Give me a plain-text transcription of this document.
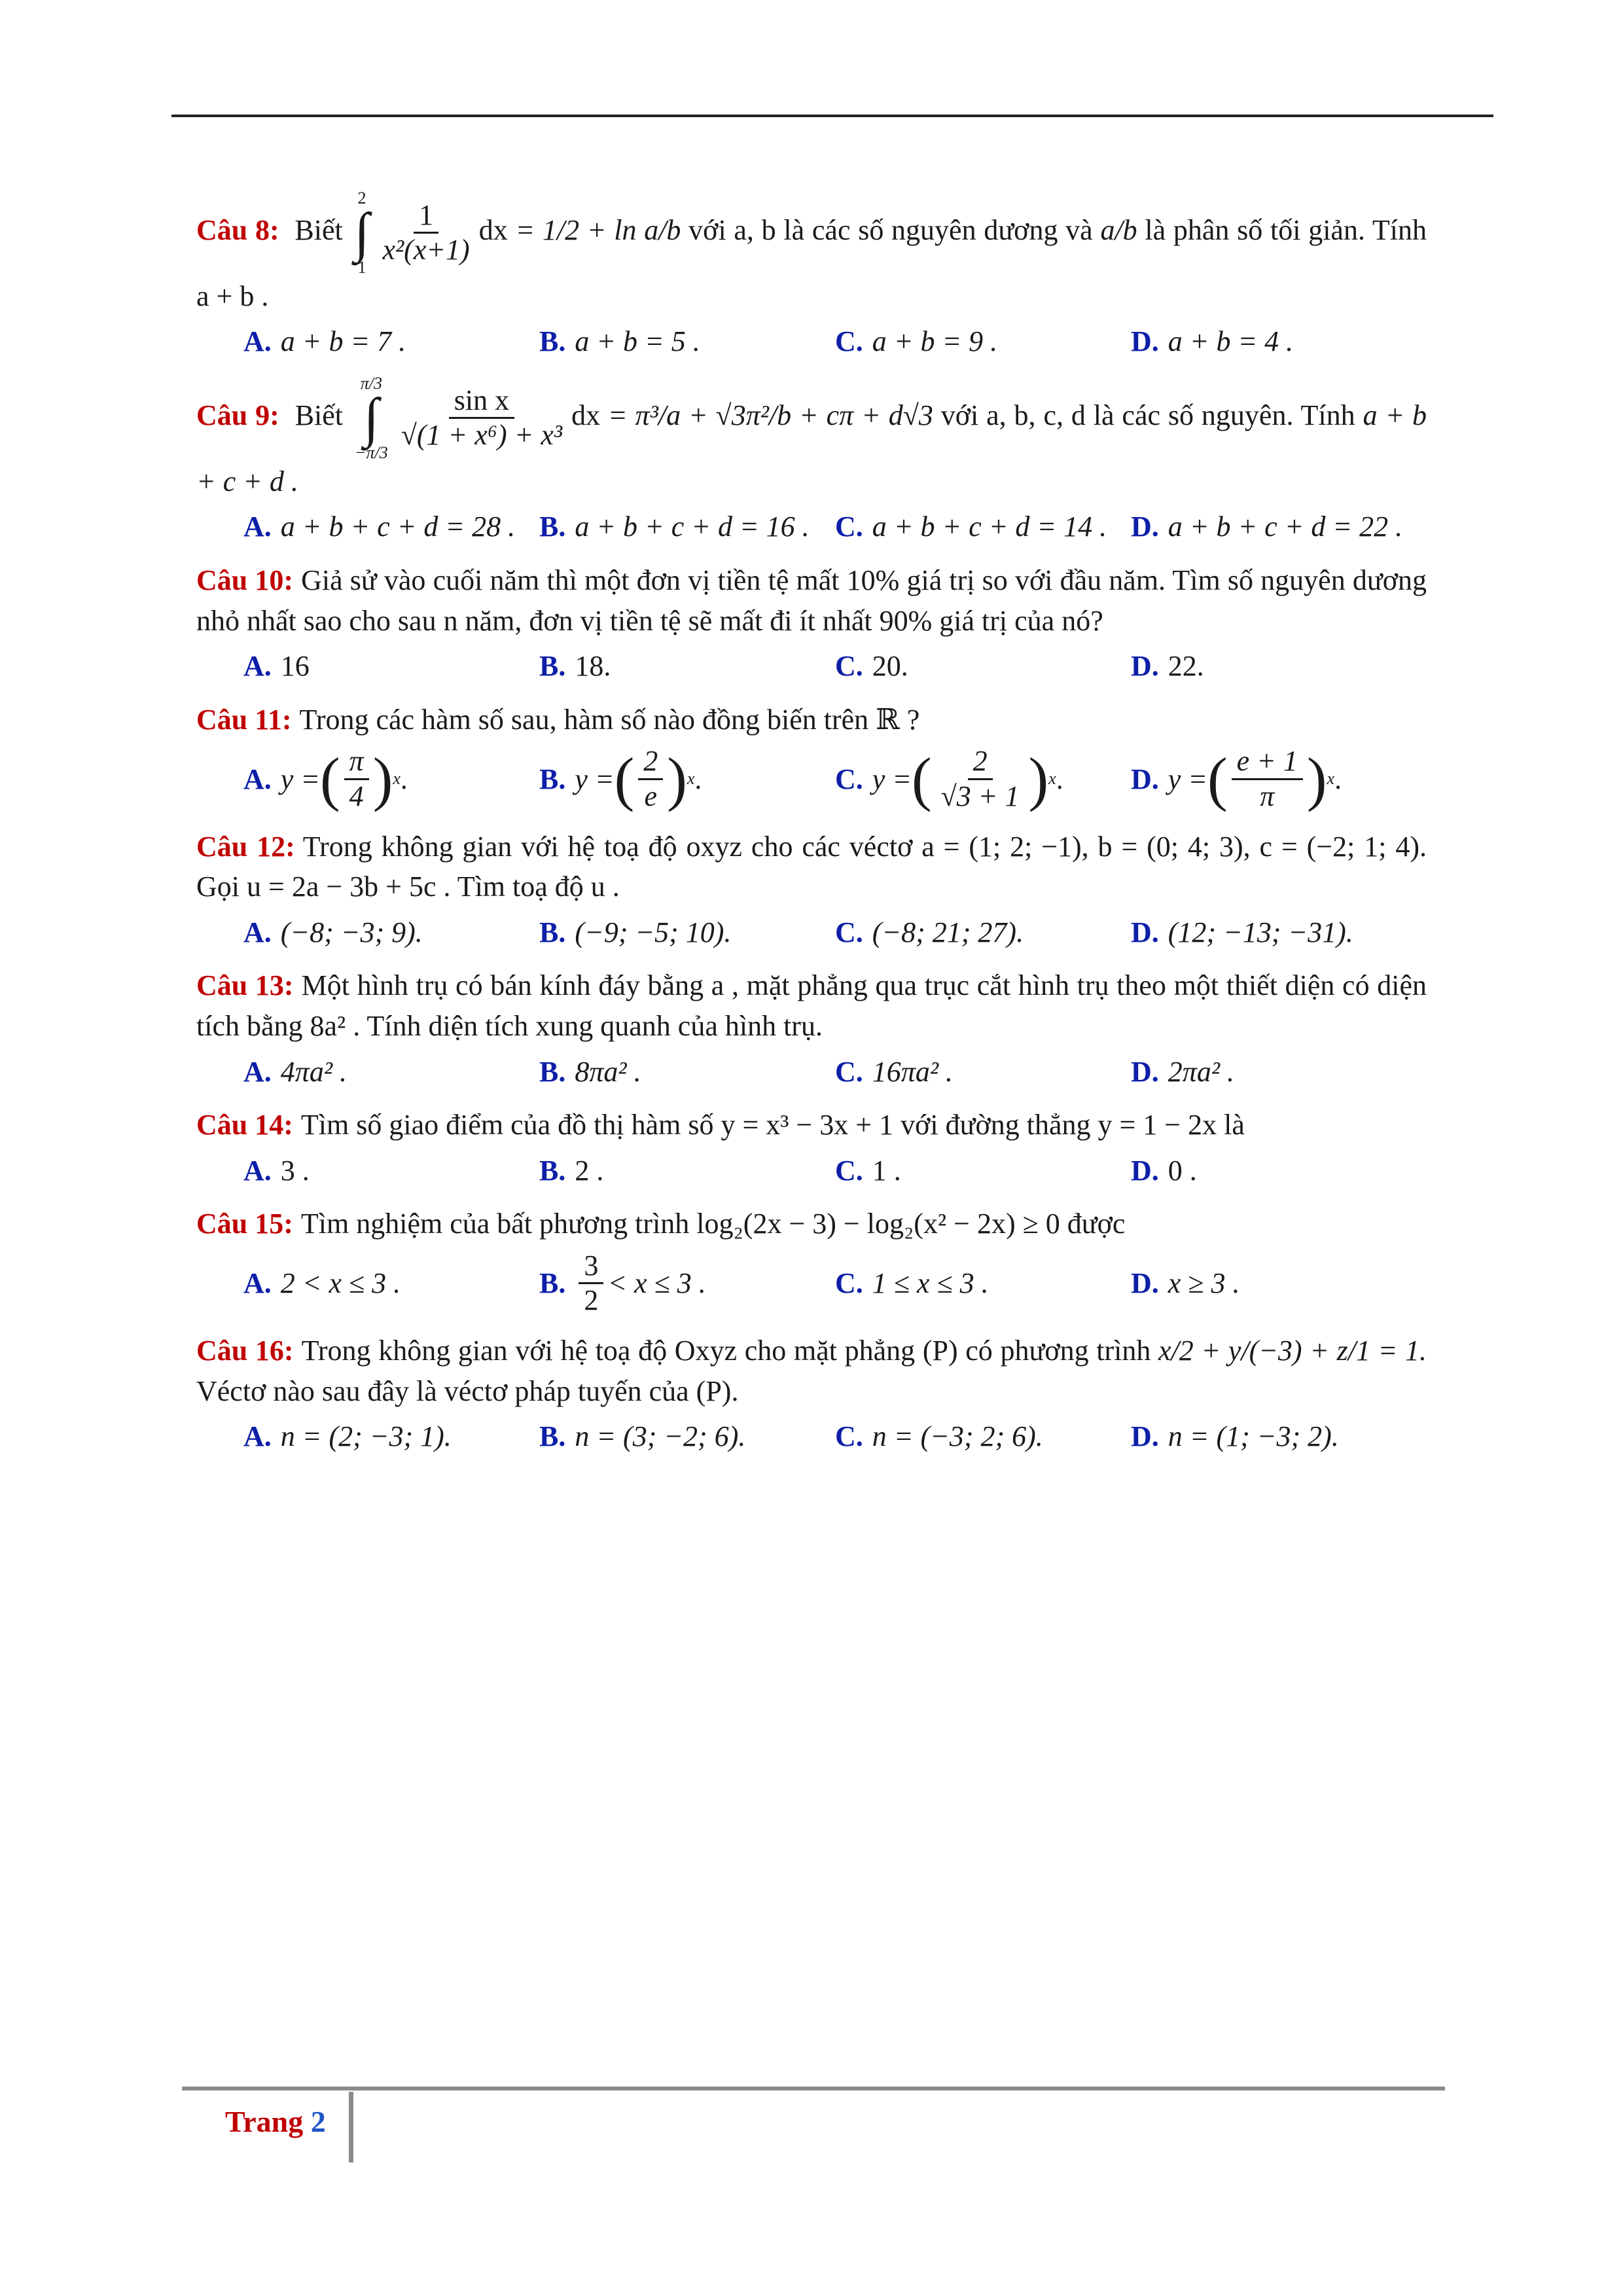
Câu 8: Biết
2
∫
1
$\frac{1}{\text{x²(x+1)}}$ dx = 1/2 + ln a/b với a, b là các số nguyên dương và a/b là phân số tối giản. Tính a + b .

A. a + b = 7 .	B. a + b = 5 .	C. a + b = 9 .	D. a + b = 4 .

Câu 9: Biết
π/3
∫
−π/3
$\frac{\text{sin x}}{\text{√(1 + x⁶) + x³}}$ dx = π³/a + √3π²/b + cπ + d√3 với a, b, c, d là các số nguyên. Tính a + b + c + d .

A. a + b + c + d = 28 . B. a + b + c + d = 16 . C. a + b + c + d = 14 . D. a + b + c + d = 22 .

Câu 10: Giả sử vào cuối năm thì một đơn vị tiền tệ mất 10% giá trị so với đầu năm. Tìm số nguyên dương nhỏ nhất sao cho sau n năm, đơn vị tiền tệ sẽ mất đi ít nhất 90% giá trị của nó?

A. 16	B. 18.	C. 20.	D. 22.

Câu 11: Trong các hàm số sau, hàm số nào đồng biến trên ℝ ?

A. y = ( $\frac{\pi}{4}$ ) x .	B. y = ( $\frac{2}{e}$ ) x .	C. y = ( $\frac{2}{√3 + 1}$ ) x . D. y = ( $\frac{e + 1}{\pi}$ ) x .

Câu 12: Trong không gian với hệ toạ độ oxyz cho các véctơ a = (1; 2; −1), b = (0; 4; 3), c = (−2; 1; 4). Gọi u = 2a − 3b + 5c . Tìm toạ độ u .

A. (−8; −3; 9).	B. (−9; −5; 10).	C. (−8; 21; 27).	D. (12; −13; −31).

Câu 13: Một hình trụ có bán kính đáy bằng a , mặt phẳng qua trục cắt hình trụ theo một thiết diện có diện tích bằng 8a² . Tính diện tích xung quanh của hình trụ.

A. 4πa² .	B. 8πa² .	C. 16πa² .	D. 2πa² .

Câu 14: Tìm số giao điểm của đồ thị hàm số y = x³ − 3x + 1 với đường thẳng y = 1 − 2x là

A. 3 .	B. 2 .	C. 1 .	D. 0 .

Câu 15: Tìm nghiệm của bất phương trình log₂(2x − 3) − log₂(x² − 2x) ≥ 0 được

A. 2 < x ≤ 3 .	B. $\frac{3}{2} < x \le 3$ .	C. 1 ≤ x ≤ 3 .	D. x ≥ 3 .

Câu 16: Trong không gian với hệ toạ độ Oxyz cho mặt phẳng (P) có phương trình x/2 + y/(−3) + z/1 = 1. Véctơ nào sau đây là véctơ pháp tuyến của (P).

A. n = (2; −3; 1).	B. n = (3; −2; 6).	C. n = (−3; 2; 6).	D. n = (1; −3; 2).
Trang 2
